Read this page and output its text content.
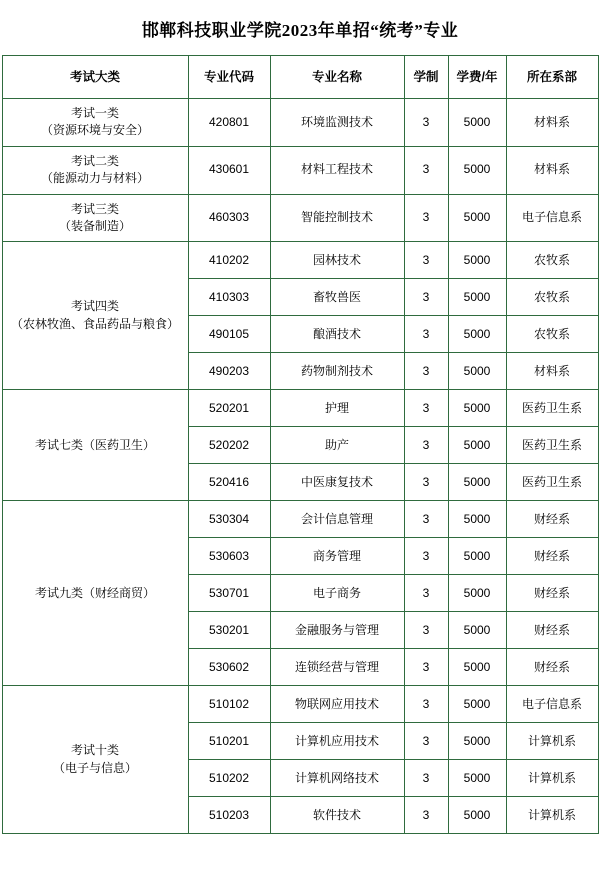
邯郸科技职业学院2023年单招“统考”专业
考试大类	专业代码	专业名称	学制	学费/年	所在系部
考试一类
（资源环境与安全）	420801	环境监测技术	3	5000	材料系
考试二类
（能源动力与材料）	430601	材料工程技术	3	5000	材料系
考试三类
（装备制造）	460303	智能控制技术	3	5000	电子信息系
考试四类
（农林牧渔、食品药品与粮食）	410202	园林技术	3	5000	农牧系
	410303	畜牧兽医	3	5000	农牧系
	490105	酿酒技术	3	5000	农牧系
	490203	药物制剂技术	3	5000	材料系
考试七类（医药卫生）	520201	护理	3	5000	医药卫生系
	520202	助产	3	5000	医药卫生系
	520416	中医康复技术	3	5000	医药卫生系
考试九类（财经商贸）	530304	会计信息管理	3	5000	财经系
	530603	商务管理	3	5000	财经系
	530701	电子商务	3	5000	财经系
	530201	金融服务与管理	3	5000	财经系
	530602	连锁经营与管理	3	5000	财经系
考试十类
（电子与信息）	510102	物联网应用技术	3	5000	电子信息系
	510201	计算机应用技术	3	5000	计算机系
	510202	计算机网络技术	3	5000	计算机系
	510203	软件技术	3	5000	计算机系
